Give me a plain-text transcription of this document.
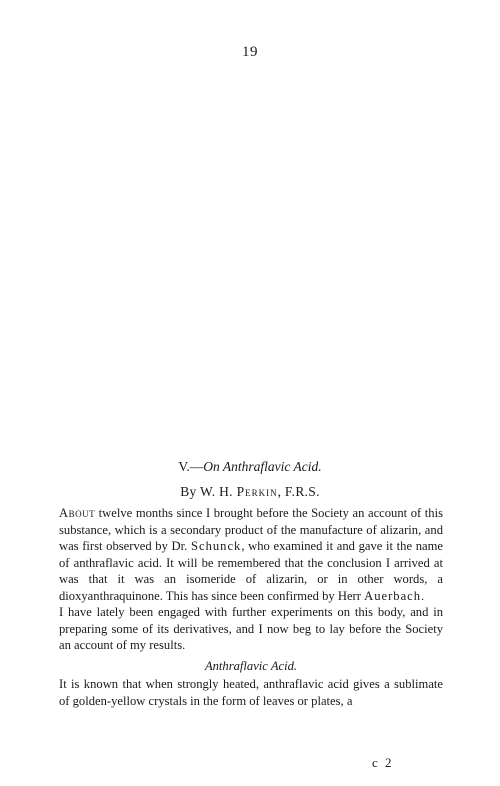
19
V.—On Anthraflavic Acid.
By W. H. Perkin, F.R.S.

About twelve months since I brought before the Society an account of this substance, which is a secondary product of the manufacture of alizarin, and was first observed by Dr. Schunck, who examined it and gave it the name of anthraflavic acid. It will be remembered that the conclusion I arrived at was that it was an isomeride of alizarin, or in other words, a dioxyanthraquinone. This has since been confirmed by Herr Auerbach.

I have lately been engaged with further experiments on this body, and in preparing some of its derivatives, and I now beg to lay before the Society an account of my results.

Anthraflavic Acid.

It is known that when strongly heated, anthraflavic acid gives a sublimate of golden-yellow crystals in the form of leaves or plates, a

c 2
